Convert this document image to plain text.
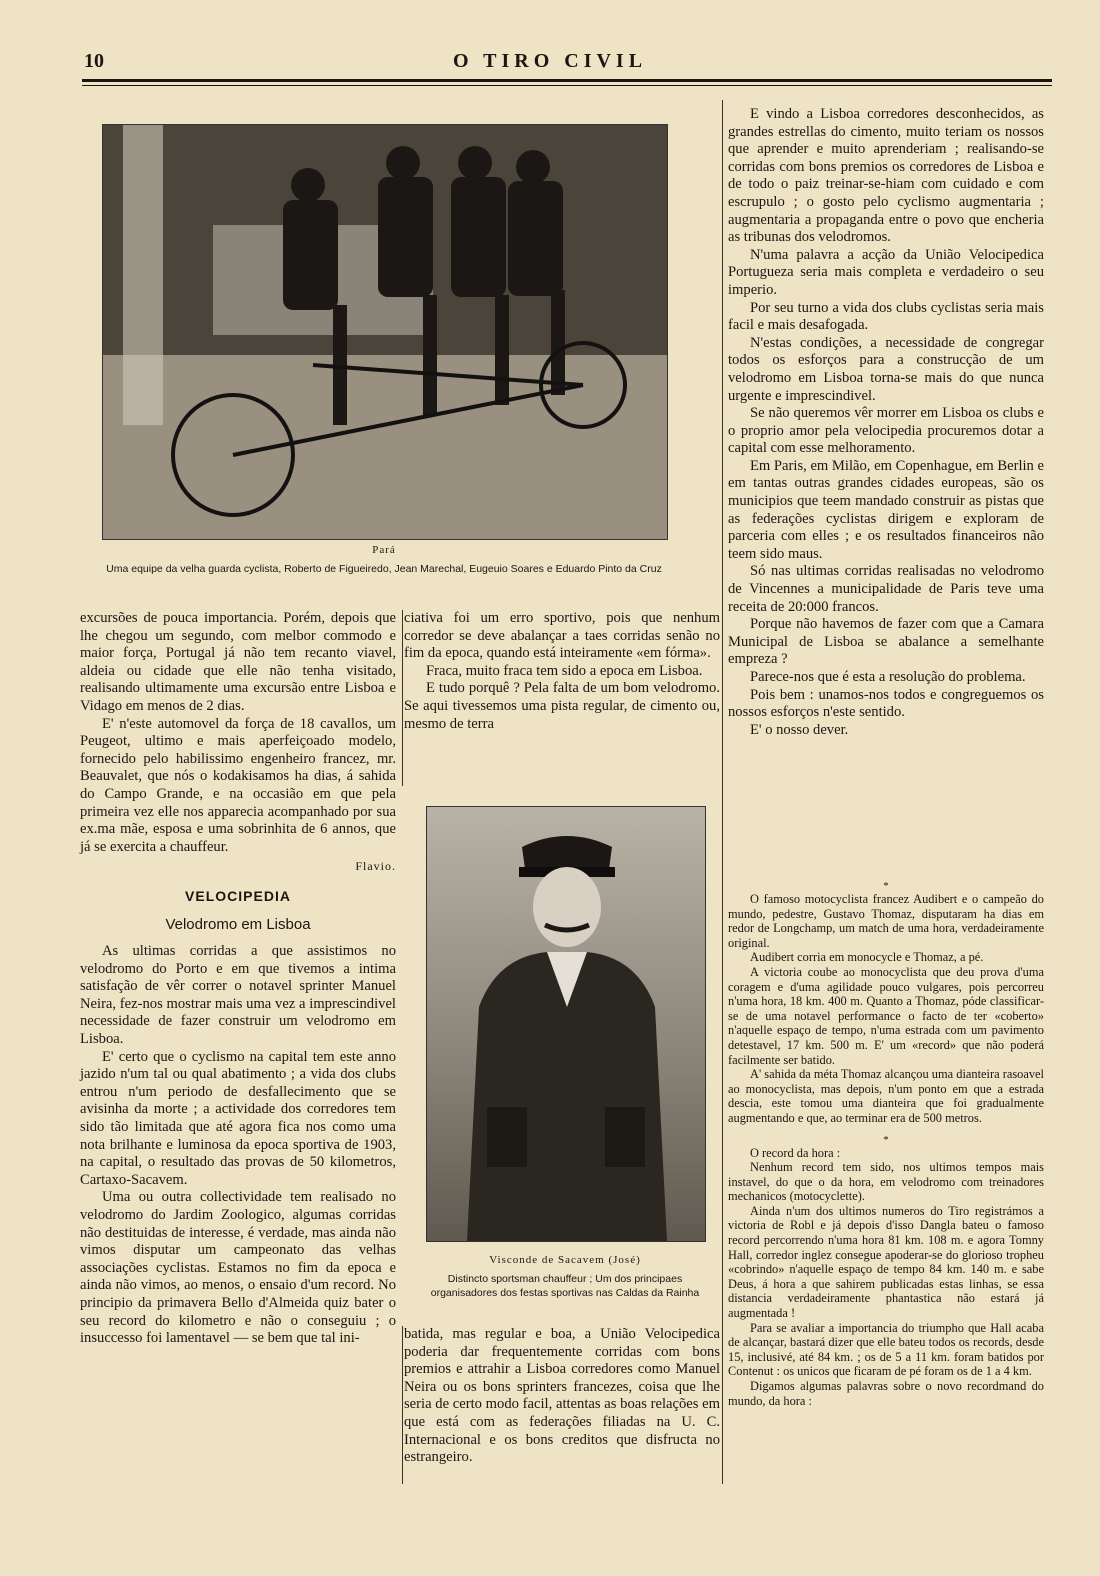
10	O TIRO CIVIL
Pará
Uma equipe da velha guarda cyclista, Roberto de Figueiredo, Jean Marechal, Eugeuio Soares e Eduardo Pinto da Cruz
Visconde de Sacavem (José)
Distincto sportsman chauffeur ; Um dos principaes organisadores dos festas sportivas nas Caldas da Rainha

excursões de pouca importancia. Porém, depois que lhe chegou um segundo, com melbor commodo e maior força, Portugal já não tem recanto viavel, aldeia ou cidade que elle não tenha visitado, realisando ultimamente uma excursão entre Lisboa e Vidago em menos de 2 dias.

E' n'este automovel da força de 18 cavallos, um Peugeot, ultimo e mais aperfeiçoado modelo, fornecido pelo habilissimo engenheiro francez, mr. Beauvalet, que nós o kodakisamos ha dias, á sahida do Campo Grande, e na occasião em que pela primeira vez elle nos apparecia acompanhado por sua ex.ma mãe, esposa e uma sobrinhita de 6 annos, que já se exercita a chauffeur.

Flavio.
VELOCIPEDIA
Velodromo em Lisboa

As ultimas corridas a que assistimos no velodromo do Porto e em que tivemos a intima satisfação de vêr correr o notavel sprinter Manuel Neira, fez-nos mostrar mais uma vez a imprescindivel necessidade de fazer construir um velodromo em Lisboa.

E' certo que o cyclismo na capital tem este anno jazido n'um tal ou qual abatimento ; a vida dos clubs entrou n'um periodo de desfallecimento que se avisinha da morte ; a actividade dos corredores tem sido tão limitada que até agora fica nos como uma nota brilhante e luminosa da epoca sportiva de 1903, na capital, o resultado das provas de 50 kilometros, Cartaxo-Sacavem.

Uma ou outra collectividade tem realisado no velodromo do Jardim Zoologico, algumas corridas não destituidas de interesse, é verdade, mas ainda não vimos disputar um campeonato das velhas associações cyclistas. Estamos no fim da epoca e ainda não vimos, ao menos, o ensaio d'um record. No principio da primavera Bello d'Almeida quiz bater o seu record do kilometro e não o conseguiu ; o insuccesso foi lamentavel — se bem que tal ini-

ciativa foi um erro sportivo, pois que nenhum corredor se deve abalançar a taes corridas senão no fim da epoca, quando está inteiramente «em fórma».

Fraca, muito fraca tem sido a epoca em Lisboa.

E tudo porquê ? Pela falta de um bom velodromo. Se aqui tivessemos uma pista regular, de cimento ou, mesmo de terra

batida, mas regular e boa, a União Velocipedica poderia dar frequentemente corridas com bons premios e attrahir a Lisboa corredores como Manuel Neira ou os bons sprinters francezes, coisa que lhe seria de certo modo facil, attentas as boas relações em que está com as federações filiadas na U. C. Internacional e os bons creditos que disfructa no estrangeiro.

E vindo a Lisboa corredores desconhecidos, as grandes estrellas do cimento, muito teriam os nossos que aprender e muito aprenderiam ; realisando-se corridas com bons premios os corredores de Lisboa e de todo o paiz treinar-se-hiam com cuidado e com escrupulo ; o gosto pelo cyclismo augmentaria ; augmentaria a propaganda entre o povo que encheria as tribunas dos velodromos.

N'uma palavra a acção da União Velocipedica Portugueza seria mais completa e verdadeiro o seu imperio.

Por seu turno a vida dos clubs cyclistas seria mais facil e mais desafogada.

N'estas condições, a necessidade de congregar todos os esforços para a construcção de um velodromo em Lisboa torna-se mais do que nunca urgente e imprescindivel.

Se não queremos vêr morrer em Lisboa os clubs e o proprio amor pela velocipedia procuremos dotar a capital com esse melhoramento.

Em Paris, em Milão, em Copenhague, em Berlin e em tantas outras grandes cidades europeas, são os municipios que teem mandado construir as pistas que as federações cyclistas dirigem e exploram de parceria com elles ; e os resultados financeiros não teem sido maus.

Só nas ultimas corridas realisadas no velodromo de Vincennes a municipalidade de Paris teve uma receita de 20:000 francos.

Porque não havemos de fazer com que a Camara Municipal de Lisboa se abalance a semelhante empreza ?

Parece-nos que é esta a resolução do problema.

Pois bem : unamos-nos todos e congreguemos os nossos esforços n'este sentido.

E' o nosso dever.

*

O famoso motocyclista francez Audibert e o campeão do mundo, pedestre, Gustavo Thomaz, disputaram ha dias em redor de Longchamp, um match de uma hora, verdadeiramente original.

Audibert corria em monocycle e Thomaz, a pé.

A victoria coube ao monocyclista que deu prova d'uma coragem e d'uma agilidade pouco vulgares, pois percorreu n'uma hora, 18 km. 400 m. Quanto a Thomaz, póde classificar-se de uma notavel performance o facto de ter «coberto» n'aquelle espaço de tempo, n'uma estrada com um pavimento detestavel, 17 km. 500 m. E' um «record» que não poderá facilmente ser batido.

A' sahida da méta Thomaz alcançou uma dianteira rasoavel ao monocyclista, mas depois, n'um ponto em que a estrada descia, este tomou uma dianteira que foi gradualmente augmentando e que, ao terminar era de 500 metros.

*

O record da hora :

Nenhum record tem sido, nos ultimos tempos mais instavel, do que o da hora, em velodromo com treinadores mechanicos (motocyclette).

Ainda n'um dos ultimos numeros do Tiro registrámos a victoria de Robl e já depois d'isso Dangla bateu o famoso record percorrendo n'uma hora 81 km. 108 m. e agora Tomny Hall, corredor inglez consegue apoderar-se do glorioso tropheu «cobrindo» n'aquelle espaço de tempo 84 km. 140 m. e sabe Deus, á hora a que sahirem publicadas estas linhas, se essa distancia verdadeiramente phantastica não estará já augmentada !

Para se avaliar a importancia do triumpho que Hall acaba de alcançar, bastará dizer que elle bateu todos os records, desde 15, inclusivé, até 84 km. ; os de 5 a 11 km. foram batidos por Contenut : os unicos que ficaram de pé foram os de 1 a 4 km.

Digamos algumas palavras sobre o novo recordmand do mundo, da hora :
